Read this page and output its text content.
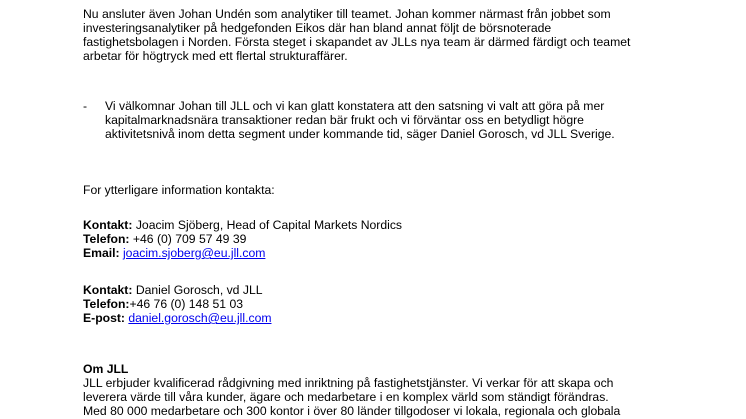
Nu ansluter även Johan Undén som analytiker till teamet. Johan kommer närmast från jobbet som
investeringsanalytiker på hedgefonden Eikos där han bland annat följt de börsnoterade
fastighetsbolagen i Norden. Första steget i skapandet av JLLs nya team är därmed färdigt och teamet
arbetar för högtryck med ett flertal strukturaffärer.
- Vi välkomnar Johan till JLL och vi kan glatt konstatera att den satsning vi valt att göra på mer
kapitalmarknadsnära transaktioner redan bär frukt och vi förväntar oss en betydligt högre
aktivitetsnivå inom detta segment under kommande tid, säger Daniel Gorosch, vd JLL Sverige.
For ytterligare information kontakta:
Kontakt: Joacim Sjöberg, Head of Capital Markets Nordics
Telefon: +46 (0) 709 57 49 39
Email: joacim.sjoberg@eu.jll.com
Kontakt: Daniel Gorosch, vd JLL
Telefon:+46 76 (0) 148 51 03
E-post: daniel.gorosch@eu.jll.com
Om JLL
JLL erbjuder kvalificerad rådgivning med inriktning på fastighetstjänster. Vi verkar för att skapa och
leverera värde till våra kunder, ägare och medarbetare i en komplex värld som ständigt förändras.
Med 80 000 medarbetare och 300 kontor i över 80 länder tillgodoser vi lokala, regionala och globala
